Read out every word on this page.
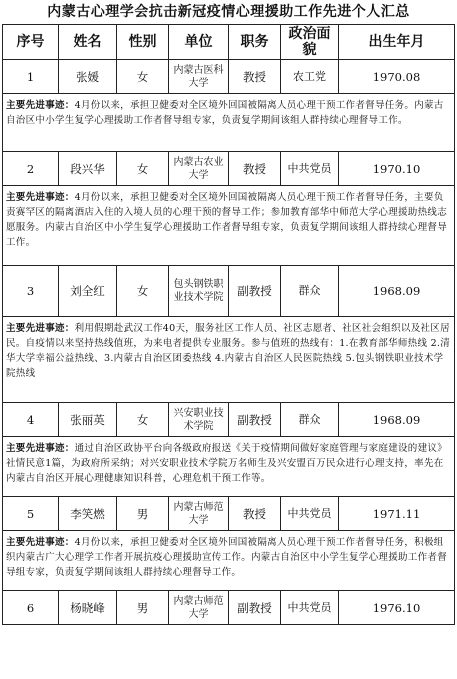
内蒙古心理学会抗击新冠疫情心理援助工作先进个人汇总
序号	姓名	性别	单位	职务	政治面貌	出生年月
1	张媛	女	内蒙古医科大学	教授	农工党	1970.08
主要先进事迹：4月份以来，承担卫健委对全区境外回国被隔离人员心理干预工作者督导任务。内蒙古自治区中小学生复学心理援助工作者督导组专家，负责复学期间该组人群持续心理督导工作。						
2	段兴华	女	内蒙古农业大学	教授	中共党员	1970.10
主要先进事迹：4月份以来，承担卫健委对全区境外回国被隔离人员心理干预工作者督导任务，主要负责赛罕区的隔离酒店入住的入境人员的心理干预的督导工作；参加教育部华中师范大学心理援助热线志愿服务。内蒙古自治区中小学生复学心理援助工作者督导组专家，负责复学期间该组人群持续心理督导工作。						
3	刘全红	女	包头钢铁职业技术学院	副教授	群众	1968.09
主要先进事迹：利用假期赴武汉工作40天，服务社区工作人员、社区志愿者、社区社会组织以及社区居民。自疫情以来坚持热线值班，为来电者提供专业服务。参与值班的热线有：1.在教育部华师热线 2.清华大学幸福公益热线、3.内蒙古自治区团委热线 4.内蒙古自治区人民医院热线 5.包头钢铁职业技术学院热线						
4	张丽英	女	兴安职业技术学院	副教授	群众	1968.09
主要先进事迹：通过自治区政协平台向各级政府报送《关于疫情期间做好家庭管理与家庭建设的建议》社情民意1篇，为政府所采纳；对兴安职业技术学院万名师生及兴安盟百万民众进行心理支持，率先在内蒙古自治区开展心理健康知识科普，心理危机干预工作等。						
5	李笑燃	男	内蒙古师范大学	教授	中共党员	1971.11
主要先进事迹：4月份以来，承担卫健委对全区境外回国被隔离人员心理干预工作者督导任务，积极组织内蒙古广大心理学工作者开展抗疫心理援助宣传工作。内蒙古自治区中小学生复学心理援助工作者督导组专家，负责复学期间该组人群持续心理督导工作。						
6	杨晓峰	男	内蒙古师范大学	副教授	中共党员	1976.10
